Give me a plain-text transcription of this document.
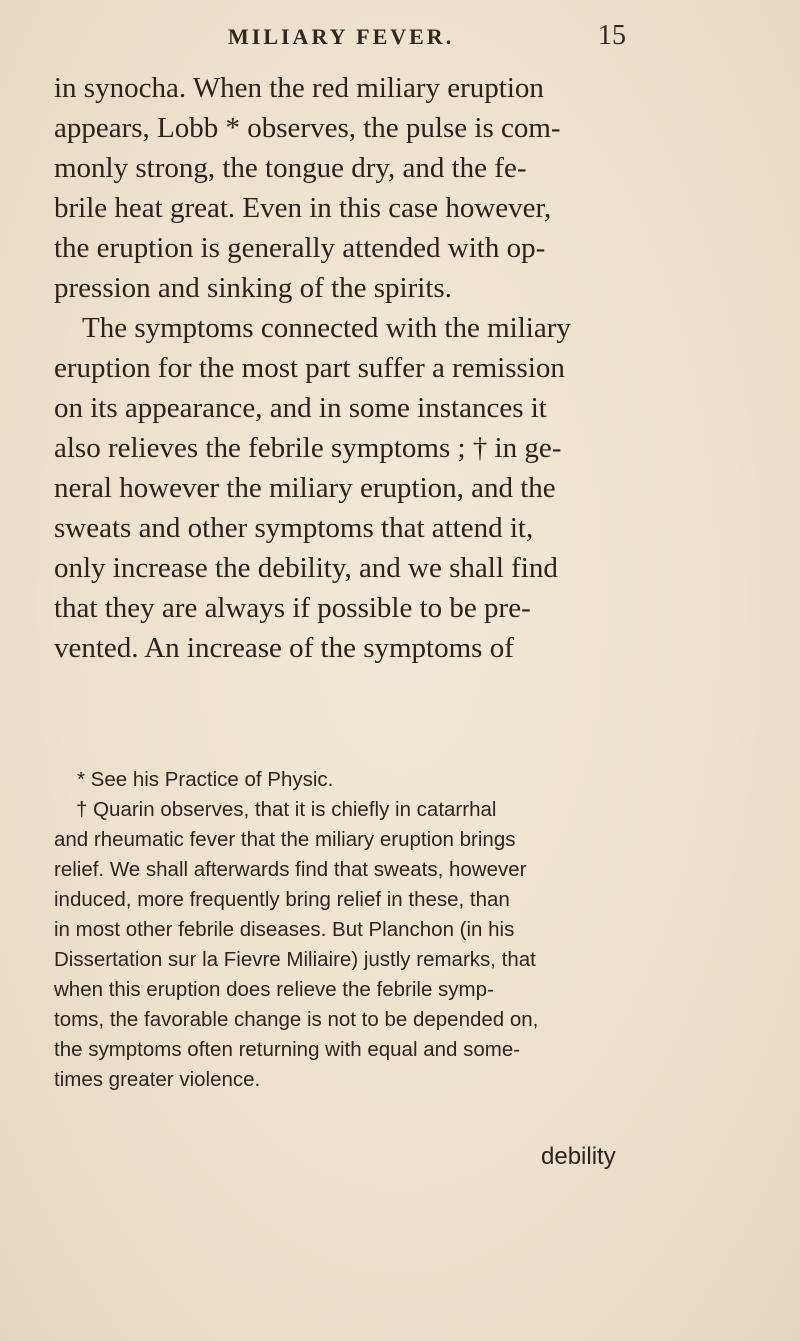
MILIARY FEVER.	15
in synocha. When the red miliary eruption
appears, Lobb * observes, the pulse is com-
monly strong, the tongue dry, and the fe-
brile heat great. Even in this case however,
the eruption is generally attended with op-
pression and sinking of the spirits.
The symptoms connected with the miliary
eruption for the most part suffer a remission
on its appearance, and in some instances it
also relieves the febrile symptoms ; † in ge-
neral however the miliary eruption, and the
sweats and other symptoms that attend it,
only increase the debility, and we shall find
that they are always if possible to be pre-
vented. An increase of the symptoms of
* See his Practice of Physic.
† Quarin observes, that it is chiefly in catarrhal
and rheumatic fever that the miliary eruption brings
relief. We shall afterwards find that sweats, however
induced, more frequently bring relief in these, than
in most other febrile diseases. But Planchon (in his
Dissertation sur la Fievre Miliaire) justly remarks, that
when this eruption does relieve the febrile symp-
toms, the favorable change is not to be depended on,
the symptoms often returning with equal and some-
times greater violence.
debility
